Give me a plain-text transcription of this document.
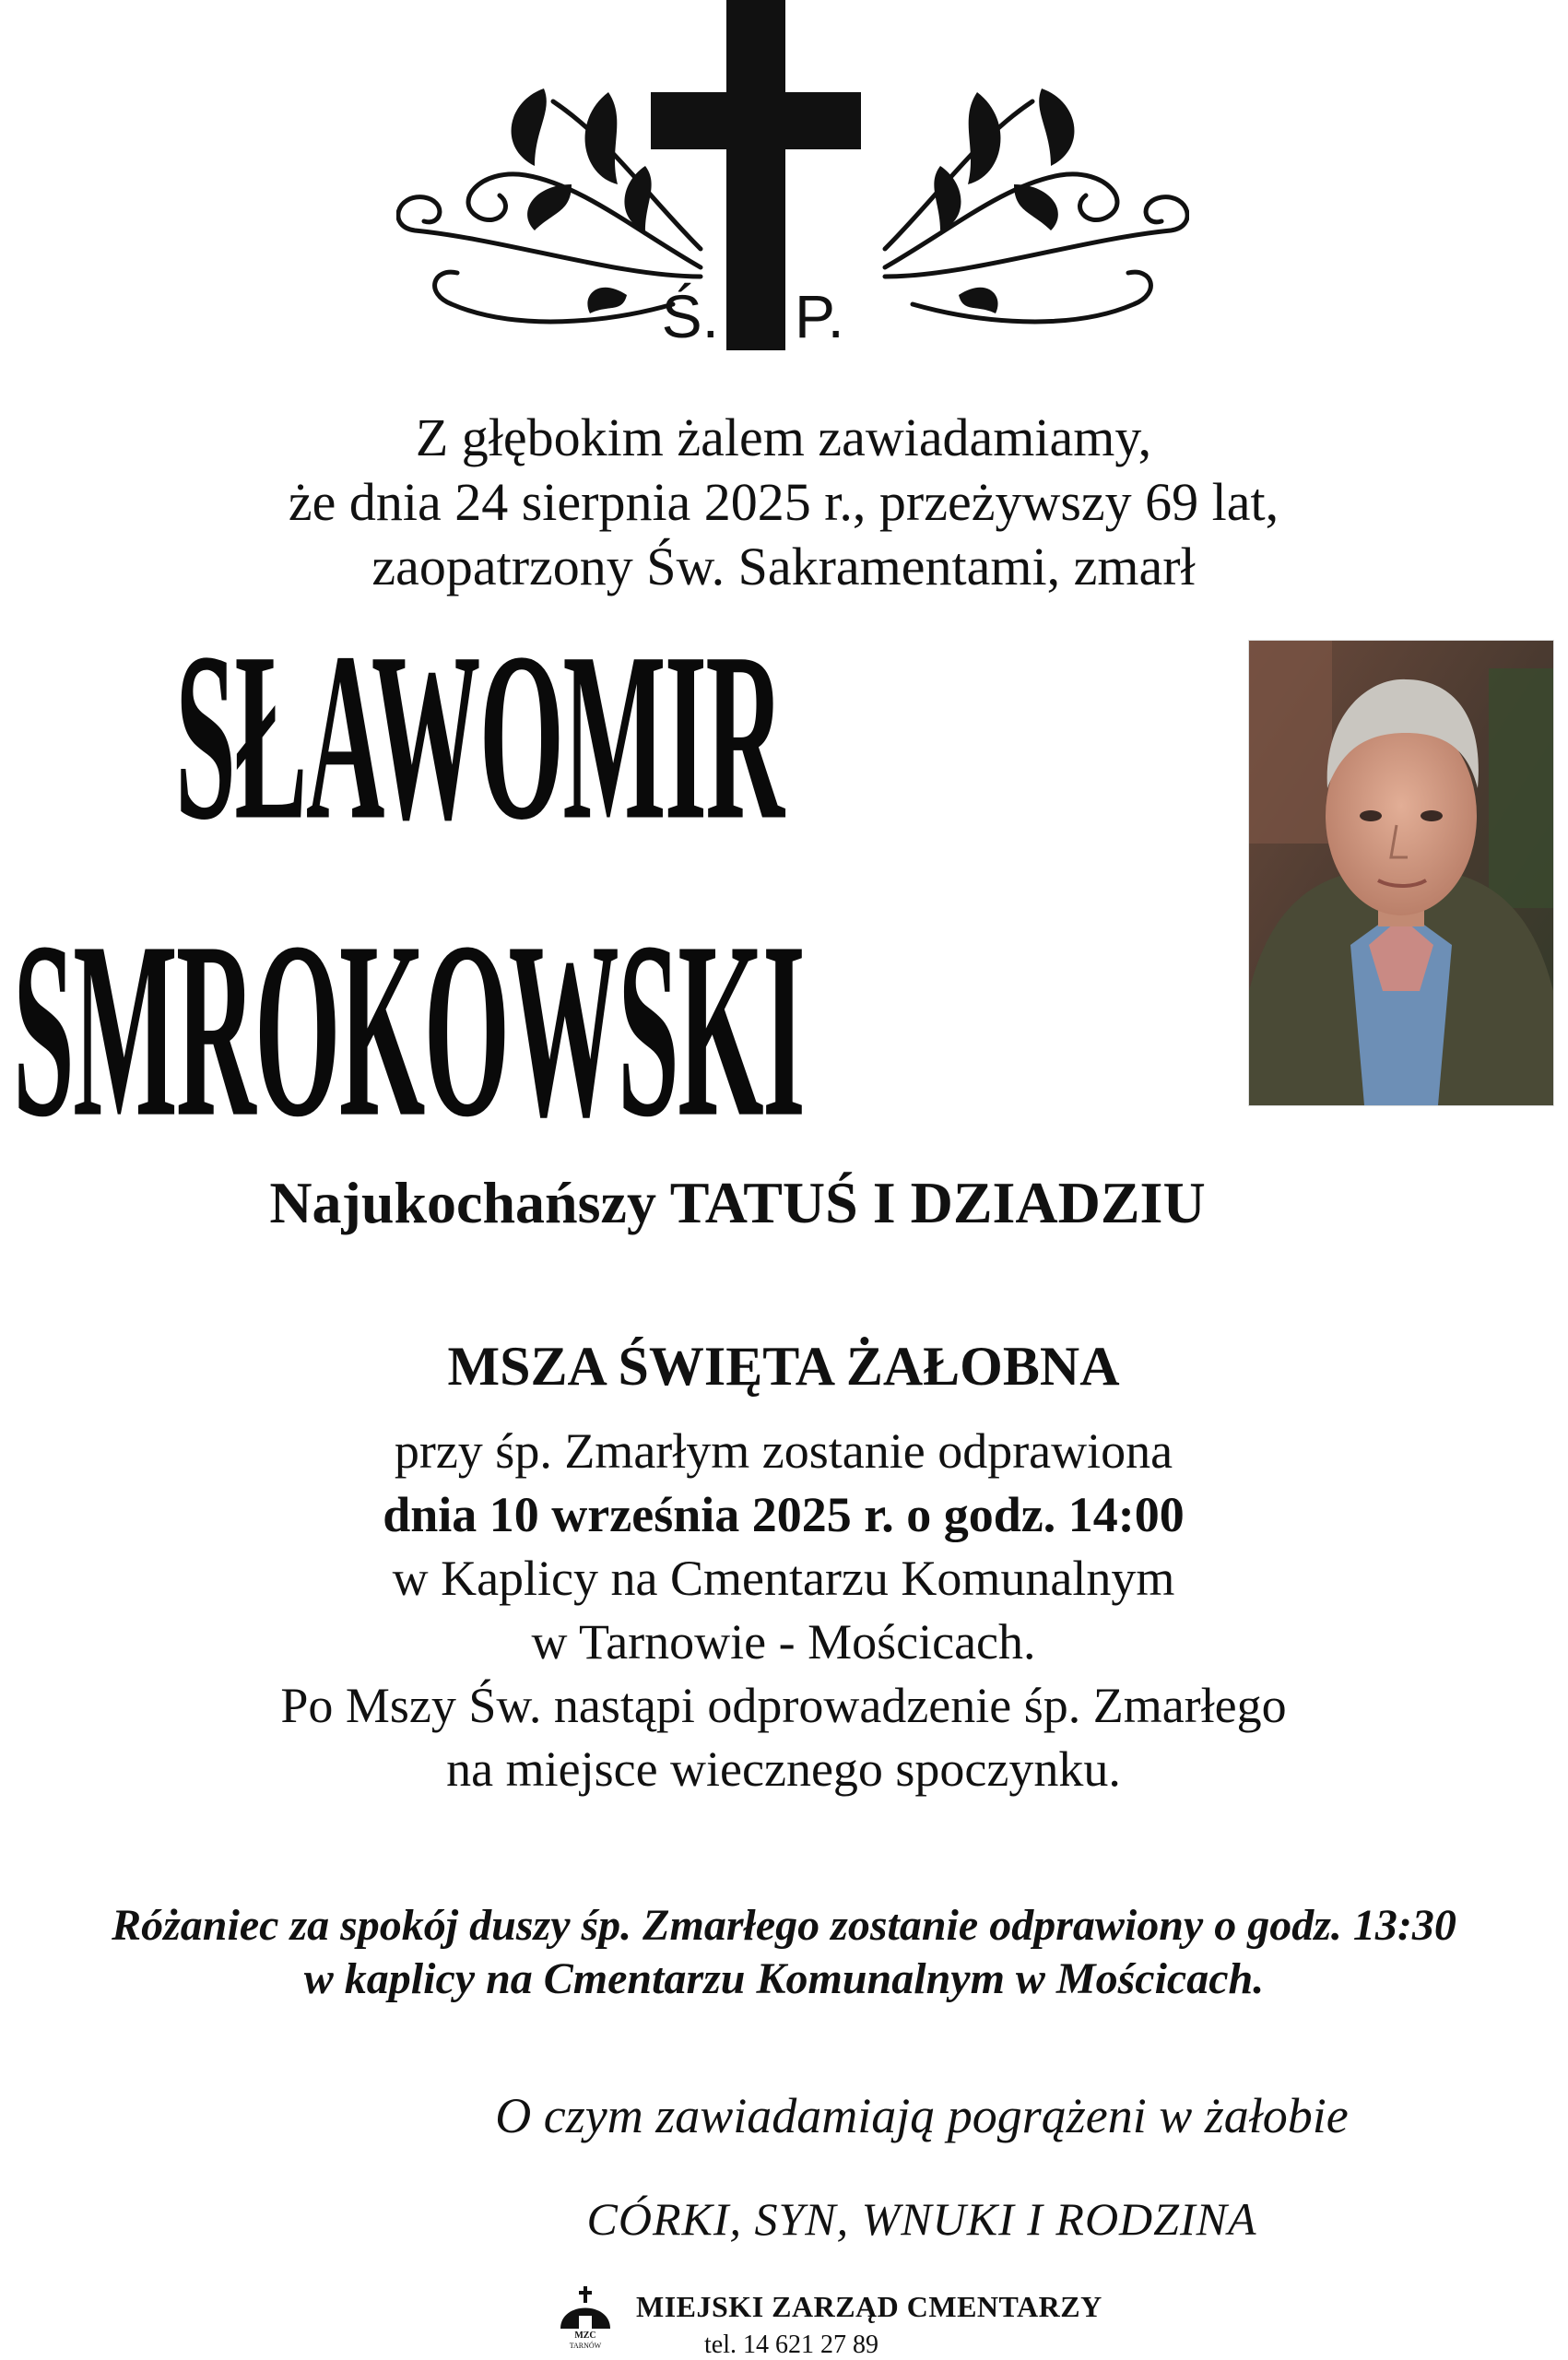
Ś. P.
Z głębokim żalem zawiadamiamy,
że dnia 24 sierpnia 2025 r., przeżywszy 69 lat,
zaopatrzony Św. Sakramentami, zmarł
SŁAWOMIR
SMROKOWSKI
Najukochańszy TATUŚ I DZIADZIU
MSZA ŚWIĘTA ŻAŁOBNA
przy śp. Zmarłym zostanie odprawiona
dnia 10 września 2025 r. o godz. 14:00
w Kaplicy na Cmentarzu Komunalnym
w Tarnowie - Mościcach.
Po Mszy Św. nastąpi odprowadzenie śp. Zmarłego
na miejsce wiecznego spoczynku.
Różaniec za spokój duszy śp. Zmarłego zostanie odprawiony o godz. 13:30
w kaplicy na Cmentarzu Komunalnym w Mościcach.
O czym zawiadamiają pogrążeni w żałobie
CÓRKI, SYN, WNUKI I RODZINA
MZC
TARNÓW
MIEJSKI ZARZĄD CMENTARZY
tel. 14 621 27 89
